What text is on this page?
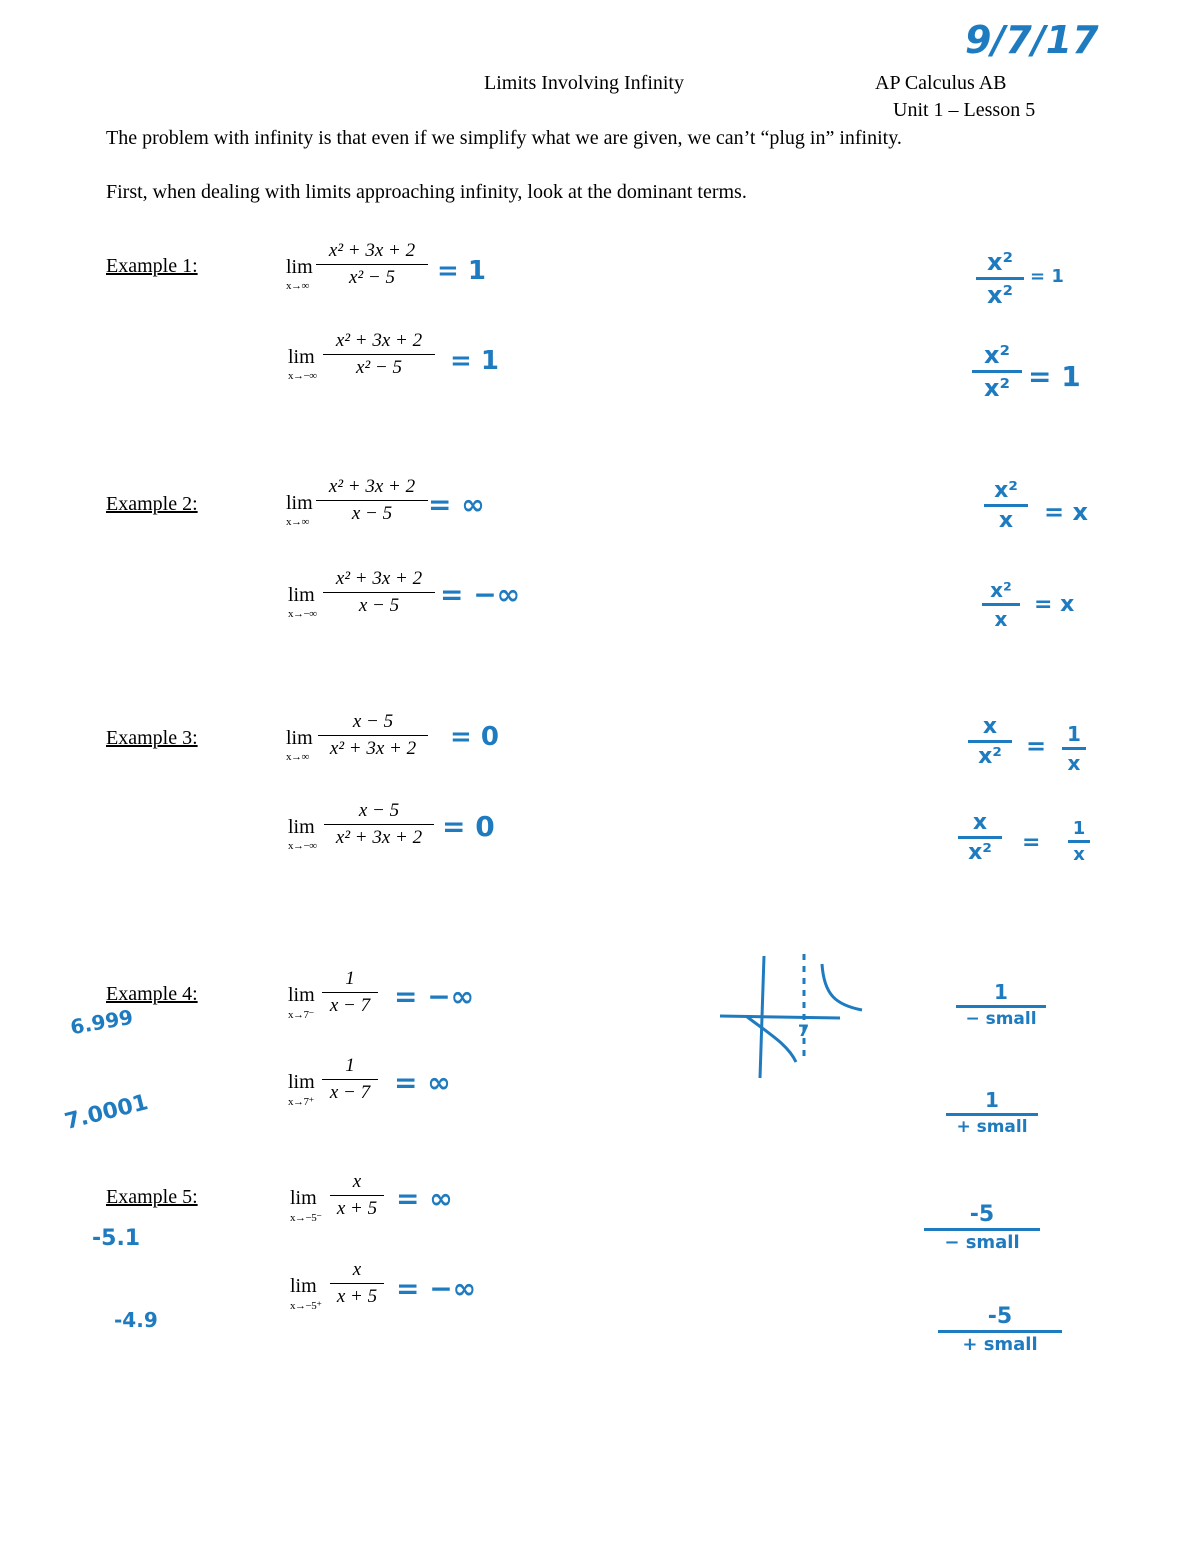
9/7/17
Limits Involving Infinity	AP Calculus AB
Unit 1 – Lesson 5
The problem with infinity is that even if we simplify what we are given, we can’t “plug in” infinity.
First, when dealing with limits approaching infinity, look at the dominant terms.
Example 1:
Example 2:
Example 3:
Example 4:
Example 5:
lim
x→∞
x² + 3x + 2
x² − 5	= 1
lim
x→−∞
x² + 3x + 2
x² − 5	= 1
x²
x²
= 1
x²
x² = 1
lim
x→∞
x² + 3x + 2
x − 5	= ∞
lim
x→−∞
x² + 3x + 2
x − 5	= −∞
x²
x	= x
x²
x
= x
lim
x→∞
x − 5
x² + 3x + 2	= 0
lim
x→−∞
x − 5
x² + 3x + 2 = 0
x
x²	= 1
x
x
x²	=
1
x
lim
x→7⁻
1
x − 7 = −∞
6.999
lim
x→7⁺
1
x − 7 = ∞
7.0001
7
1
− small
1
+ small
lim
x→−5⁻
x
x + 5 = ∞
-5.1
lim
x→−5⁺
x
x + 5 = −∞
-4.9
-5
− small
-5
+ small
